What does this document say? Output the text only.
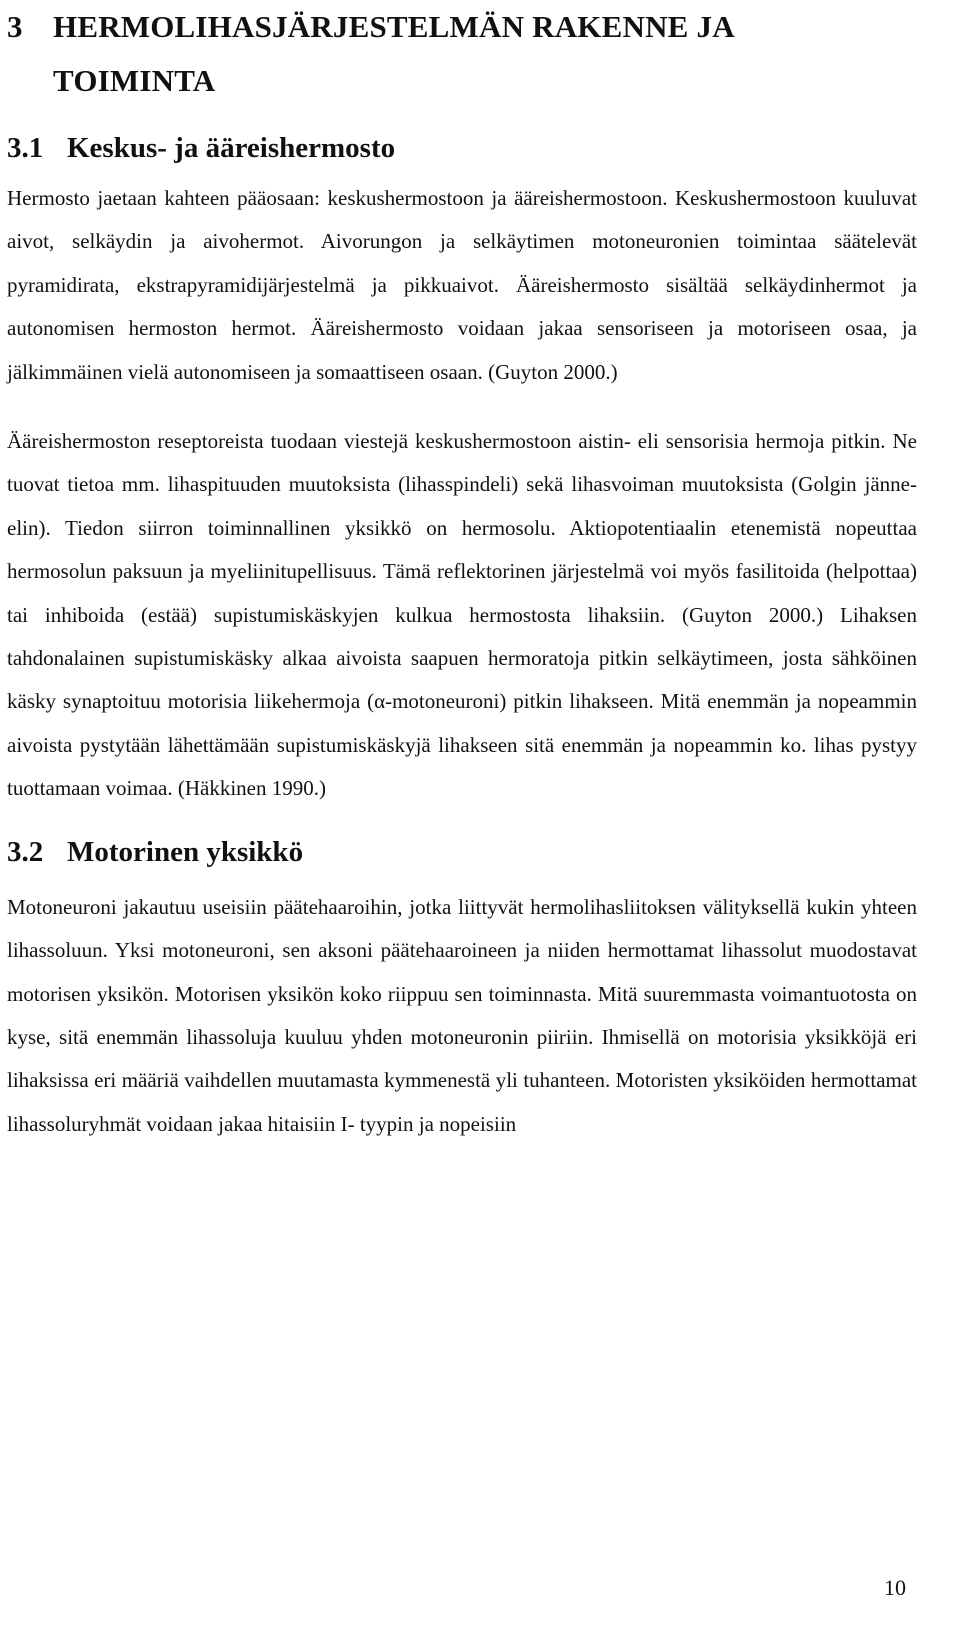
3 HERMOLIHASJÄRJESTELMÄN RAKENNE JA
TOIMINTA
3.1 Keskus- ja ääreishermosto

Hermosto jaetaan kahteen pääosaan: keskushermostoon ja ääreishermostoon. Keskushermostoon kuuluvat aivot, selkäydin ja aivohermot. Aivorungon ja selkäytimen motoneuronien toimintaa säätelevät pyramidirata, ekstrapyramidijärjestelmä ja pikkuaivot. Ääreishermosto sisältää selkäydinhermot ja autonomisen hermoston hermot. Ääreishermosto voidaan jakaa sensoriseen ja motoriseen osaa, ja jälkimmäinen vielä autonomiseen ja somaattiseen osaan. (Guyton 2000.)

Ääreishermoston reseptoreista tuodaan viestejä keskushermostoon aistin- eli sensorisia hermoja pitkin. Ne tuovat tietoa mm. lihaspituuden muutoksista (lihasspindeli) sekä lihasvoiman muutoksista (Golgin jänne-elin). Tiedon siirron toiminnallinen yksikkö on hermosolu. Aktiopotentiaalin etenemistä nopeuttaa hermosolun paksuun ja myeliinitupellisuus. Tämä reflektorinen järjestelmä voi myös fasilitoida (helpottaa) tai inhiboida (estää) supistumiskäskyjen kulkua hermostosta lihaksiin. (Guyton 2000.) Lihaksen tahdonalainen supistumiskäsky alkaa aivoista saapuen hermoratoja pitkin selkäytimeen, josta sähköinen käsky synaptoituu motorisia liikehermoja (α-motoneuroni) pitkin lihakseen. Mitä enemmän ja nopeammin aivoista pystytään lähettämään supistumiskäskyjä lihakseen sitä enemmän ja nopeammin ko. lihas pystyy tuottamaan voimaa. (Häkkinen 1990.)

3.2 Motorinen yksikkö

Motoneuroni jakautuu useisiin päätehaaroihin, jotka liittyvät hermolihasliitoksen välityksellä kukin yhteen lihassoluun. Yksi motoneuroni, sen aksoni päätehaaroineen ja niiden hermottamat lihassolut muodostavat motorisen yksikön. Motorisen yksikön koko riippuu sen toiminnasta. Mitä suuremmasta voimantuotosta on kyse, sitä enemmän lihassoluja kuuluu yhden motoneuronin piiriin. Ihmisellä on motorisia yksikköjä eri lihaksissa eri määriä vaihdellen muutamasta kymmenestä yli tuhanteen. Motoristen yksiköiden hermottamat lihassoluryhmät voidaan jakaa hitaisiin I- tyypin ja nopeisiin

10
